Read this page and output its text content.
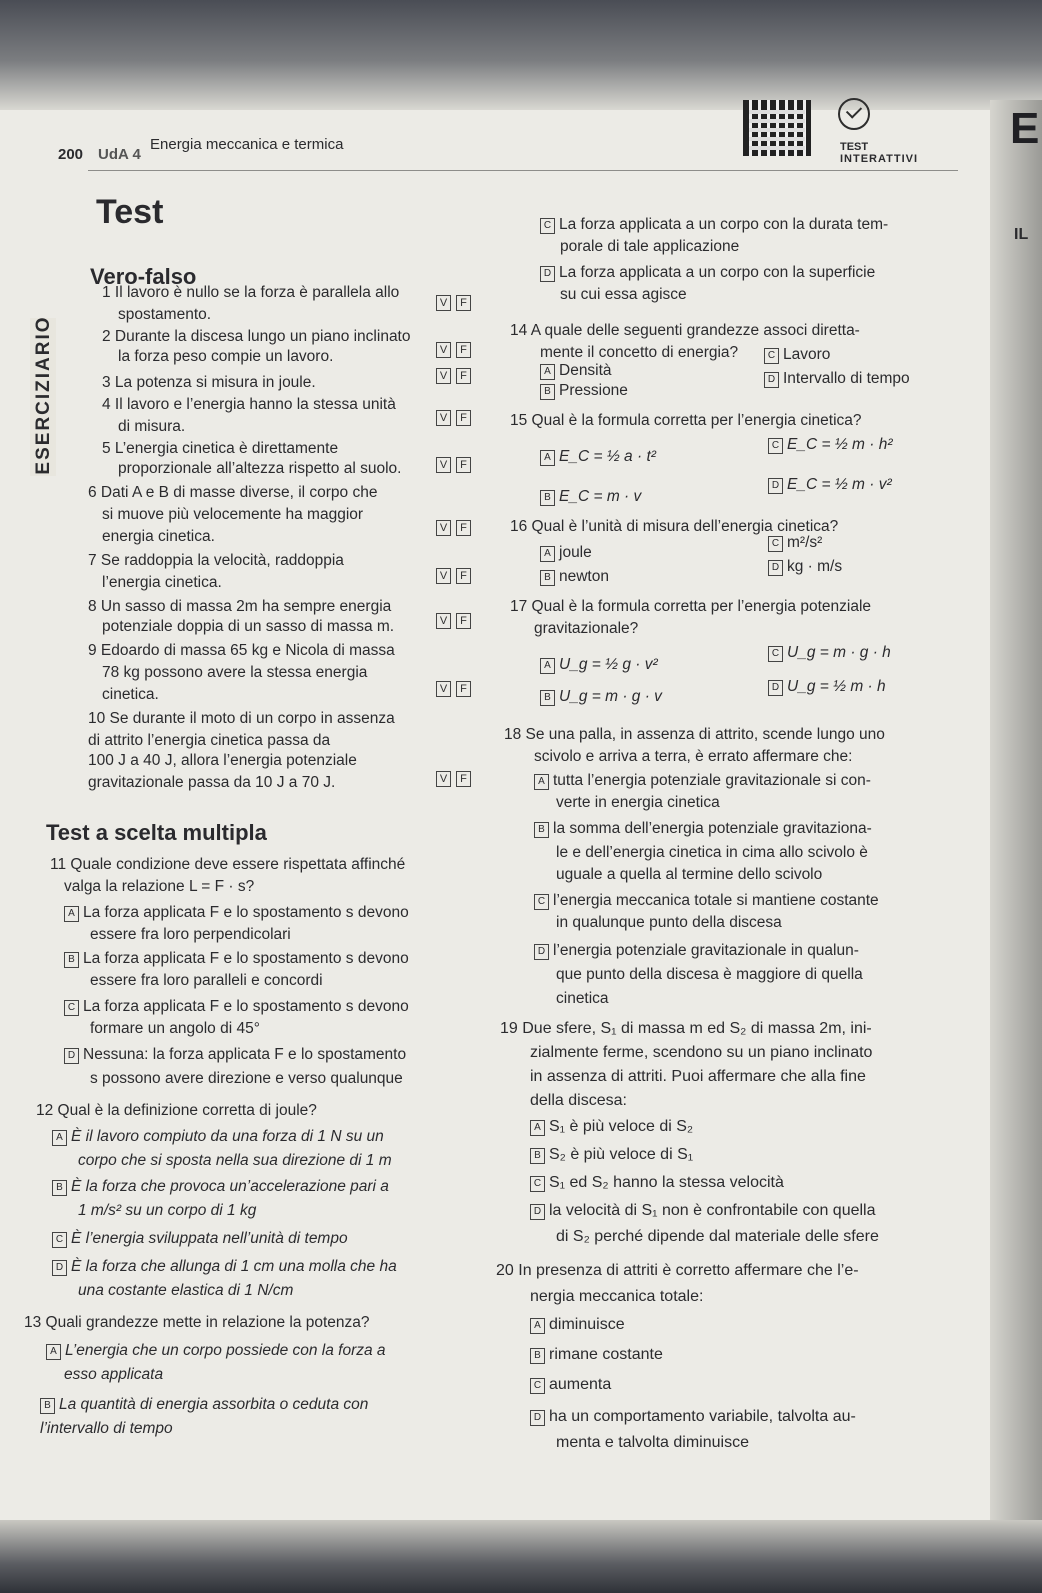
200 UdA 4
Energia meccanica e termica	TEST
INTERATTIVI
E
IL
ESERCIZIARIO
Test
Vero-falso
1 Il lavoro è nullo se la forza è parallela allo
spostamento.
V F
2 Durante la discesa lungo un piano inclinato
la forza peso compie un lavoro.	V F
3 La potenza si misura in joule.	V F
4 Il lavoro e l’energia hanno la stessa unità
di misura.	V F
5 L’energia cinetica è direttamente
proporzionale all’altezza rispetto al suolo.	V F
6 Dati A e B di masse diverse, il corpo che
si muove più velocemente ha maggior
energia cinetica.	V F
7 Se raddoppia la velocità, raddoppia
l’energia cinetica.	V F
8 Un sasso di massa 2m ha sempre energia
potenziale doppia di un sasso di massa m.	V F
9 Edoardo di massa 65 kg e Nicola di massa
78 kg possono avere la stessa energia
cinetica.	V F
10 Se durante il moto di un corpo in assenza
di attrito l’energia cinetica passa da
100 J a 40 J, allora l’energia potenziale
gravitazionale passa da 10 J a 70 J.	V F
Test a scelta multipla
11 Quale condizione deve essere rispettata affinché
valga la relazione L = F · s?
A La forza applicata F e lo spostamento s devono
essere fra loro perpendicolari
B La forza applicata F e lo spostamento s devono
essere fra loro paralleli e concordi
C La forza applicata F e lo spostamento s devono
formare un angolo di 45°
D Nessuna: la forza applicata F e lo spostamento
s possono avere direzione e verso qualunque
12 Qual è la definizione corretta di joule?
A È il lavoro compiuto da una forza di 1 N su un
corpo che si sposta nella sua direzione di 1 m
B È la forza che provoca un’accelerazione pari a
1 m/s² su un corpo di 1 kg
C È l’energia sviluppata nell’unità di tempo
D È la forza che allunga di 1 cm una molla che ha
una costante elastica di 1 N/cm
13 Quali grandezze mette in relazione la potenza?
A L’energia che un corpo possiede con la forza a
esso applicata
B La quantità di energia assorbita o ceduta con
l’intervallo di tempo
C La forza applicata a un corpo con la durata tem-
porale di tale applicazione
D La forza applicata a un corpo con la superficie
su cui essa agisce
14 A quale delle seguenti grandezze associ diretta-
mente il concetto di energia?
A Densità
B Pressione
C Lavoro
D Intervallo di tempo
15 Qual è la formula corretta per l’energia cinetica?
A E_C = ½ a · t²
B E_C = m · v
C E_C = ½ m · h²
D E_C = ½ m · v²
16 Qual è l’unità di misura dell’energia cinetica?
A joule
B newton
C m²/s²
D kg · m/s
17 Qual è la formula corretta per l’energia potenziale
gravitazionale?
A U_g = ½ g · v²
B U_g = m · g · v
C U_g = m · g · h
D U_g = ½ m · h
18 Se una palla, in assenza di attrito, scende lungo uno
scivolo e arriva a terra, è errato affermare che:
A tutta l’energia potenziale gravitazionale si con-
verte in energia cinetica
B la somma dell’energia potenziale gravitaziona-
le e dell’energia cinetica in cima allo scivolo è
uguale a quella al termine dello scivolo
C l’energia meccanica totale si mantiene costante
in qualunque punto della discesa
D l’energia potenziale gravitazionale in qualun-
que punto della discesa è maggiore di quella
cinetica
19 Due sfere, S₁ di massa m ed S₂ di massa 2m, ini-
zialmente ferme, scendono su un piano inclinato
in assenza di attriti. Puoi affermare che alla fine
della discesa:
A S₁ è più veloce di S₂
B S₂ è più veloce di S₁
C S₁ ed S₂ hanno la stessa velocità
D la velocità di S₁ non è confrontabile con quella
di S₂ perché dipende dal materiale delle sfere
20 In presenza di attriti è corretto affermare che l’e-
nergia meccanica totale:
A diminuisce
B rimane costante
C aumenta
D ha un comportamento variabile, talvolta au-
menta e talvolta diminuisce
